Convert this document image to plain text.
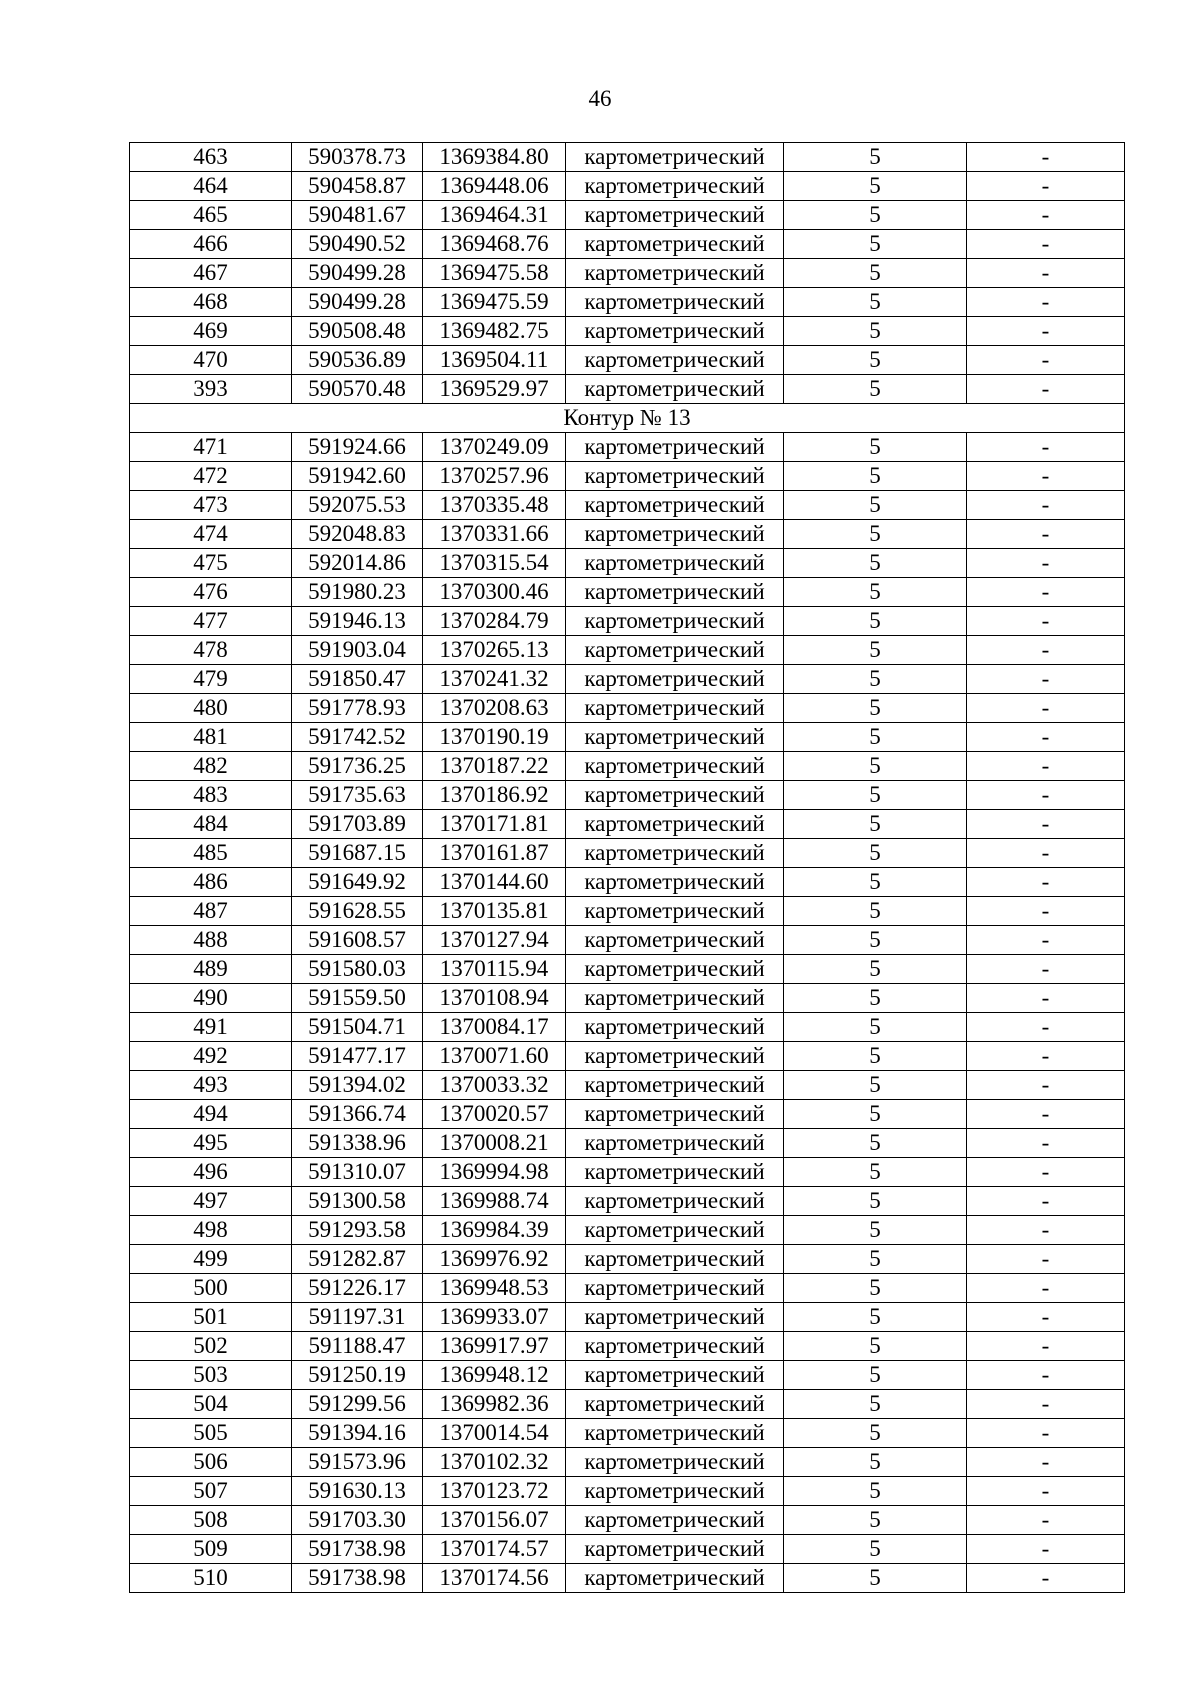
46
463	590378.73	1369384.80	картометрический	5	-
464	590458.87	1369448.06	картометрический	5	-
465	590481.67	1369464.31	картометрический	5	-
466	590490.52	1369468.76	картометрический	5	-
467	590499.28	1369475.58	картометрический	5	-
468	590499.28	1369475.59	картометрический	5	-
469	590508.48	1369482.75	картометрический	5	-
470	590536.89	1369504.11	картометрический	5	-
393	590570.48	1369529.97	картометрический	5	-
Контур № 13					
471	591924.66	1370249.09	картометрический	5	-
472	591942.60	1370257.96	картометрический	5	-
473	592075.53	1370335.48	картометрический	5	-
474	592048.83	1370331.66	картометрический	5	-
475	592014.86	1370315.54	картометрический	5	-
476	591980.23	1370300.46	картометрический	5	-
477	591946.13	1370284.79	картометрический	5	-
478	591903.04	1370265.13	картометрический	5	-
479	591850.47	1370241.32	картометрический	5	-
480	591778.93	1370208.63	картометрический	5	-
481	591742.52	1370190.19	картометрический	5	-
482	591736.25	1370187.22	картометрический	5	-
483	591735.63	1370186.92	картометрический	5	-
484	591703.89	1370171.81	картометрический	5	-
485	591687.15	1370161.87	картометрический	5	-
486	591649.92	1370144.60	картометрический	5	-
487	591628.55	1370135.81	картометрический	5	-
488	591608.57	1370127.94	картометрический	5	-
489	591580.03	1370115.94	картометрический	5	-
490	591559.50	1370108.94	картометрический	5	-
491	591504.71	1370084.17	картометрический	5	-
492	591477.17	1370071.60	картометрический	5	-
493	591394.02	1370033.32	картометрический	5	-
494	591366.74	1370020.57	картометрический	5	-
495	591338.96	1370008.21	картометрический	5	-
496	591310.07	1369994.98	картометрический	5	-
497	591300.58	1369988.74	картометрический	5	-
498	591293.58	1369984.39	картометрический	5	-
499	591282.87	1369976.92	картометрический	5	-
500	591226.17	1369948.53	картометрический	5	-
501	591197.31	1369933.07	картометрический	5	-
502	591188.47	1369917.97	картометрический	5	-
503	591250.19	1369948.12	картометрический	5	-
504	591299.56	1369982.36	картометрический	5	-
505	591394.16	1370014.54	картометрический	5	-
506	591573.96	1370102.32	картометрический	5	-
507	591630.13	1370123.72	картометрический	5	-
508	591703.30	1370156.07	картометрический	5	-
509	591738.98	1370174.57	картометрический	5	-
510	591738.98	1370174.56	картометрический	5	-
